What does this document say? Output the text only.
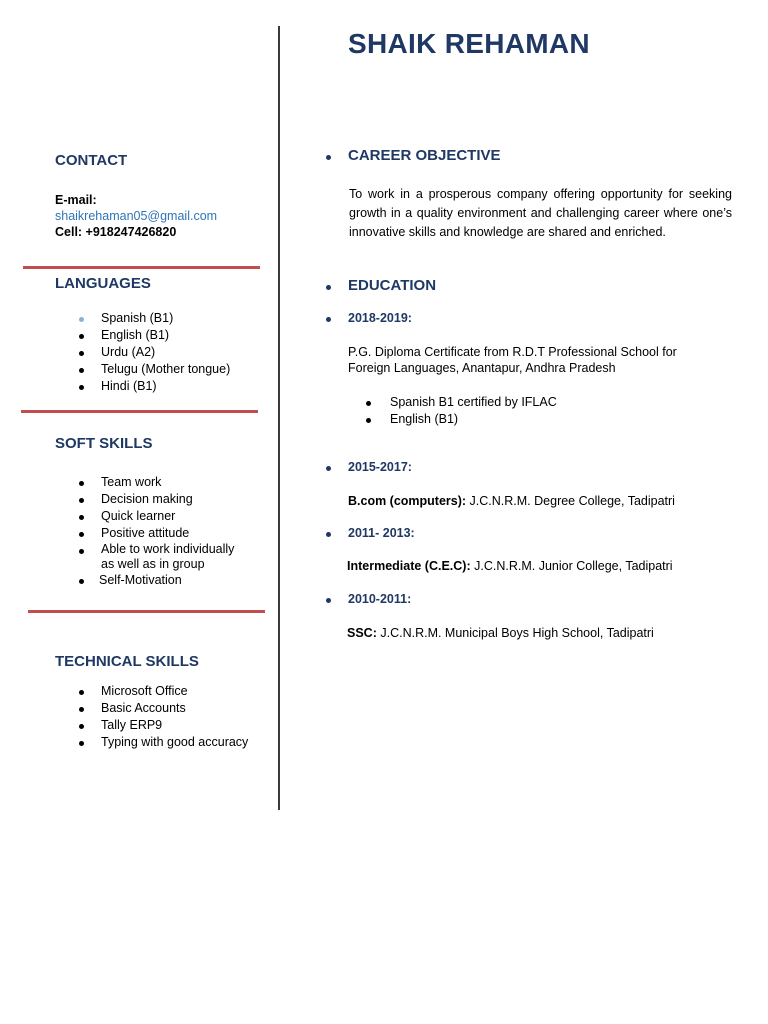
SHAIK REHAMAN
CONTACT
E-mail:
shaikrehaman05@gmail.com
Cell: +918247426820
LANGUAGES
Spanish (B1)
English (B1)
Urdu (A2)
Telugu (Mother tongue)
Hindi (B1)
SOFT SKILLS
Team work
Decision making
Quick learner
Positive attitude
Able to work individually
as well as in group
Self-Motivation
TECHNICAL SKILLS
Microsoft Office
Basic Accounts
Tally ERP9
Typing with good accuracy
CAREER OBJECTIVE
To work in a prosperous company offering opportunity for seeking growth in a quality environment and challenging career where one’s innovative skills and knowledge are shared and enriched.
EDUCATION
2018-2019:
P.G. Diploma Certificate from R.D.T Professional School for
Foreign Languages, Anantapur, Andhra Pradesh
Spanish B1 certified by IFLAC
English (B1)
2015-2017:
B.com (computers): J.C.N.R.M. Degree College, Tadipatri
2011- 2013:
Intermediate (C.E.C): J.C.N.R.M. Junior College, Tadipatri
2010-2011:
SSC: J.C.N.R.M. Municipal Boys High School, Tadipatri
